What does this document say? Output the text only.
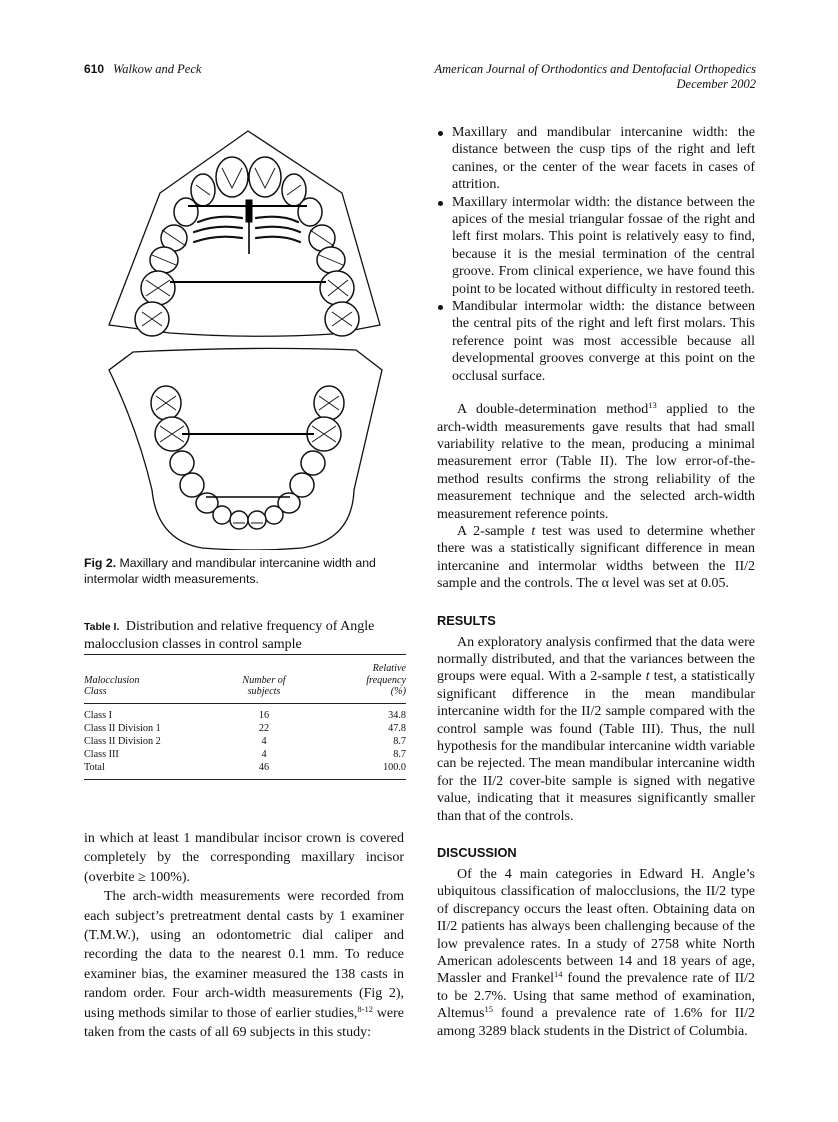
610 Walkow and Peck	American Journal of Orthodontics and Dentofacial Orthopedics
December 2002
Fig 2. Maxillary and mandibular intercanine width and intermolar width measurements.
Table I. Distribution and relative frequency of Angle malocclusion classes in control sample

Malocclusion
Class

Number of
subjects

Relative
frequency
(%)

Class I	16	34.8
Class II Division 1	22	47.8
Class II Division 2	4	8.7
Class III	4	8.7
Total	46	100.0

in which at least 1 mandibular incisor crown is covered completely by the corresponding maxillary incisor (overbite ≥ 100%).

The arch-width measurements were recorded from each subject’s pretreatment dental casts by 1 examiner (T.M.W.), using an odontometric dial caliper and recording the data to the nearest 0.1 mm. To reduce examiner bias, the examiner measured the 138 casts in random order. Four arch-width measurements (Fig 2), using methods similar to those of earlier studies,$^{8-12}$ were taken from the casts of all 69 subjects in this study:

Maxillary and mandibular intercanine width: the distance between the cusp tips of the right and left canines, or the center of the wear facets in cases of attrition.
Maxillary intermolar width: the distance between the apices of the mesial triangular fossae of the right and left first molars. This point is relatively easy to find, because it is the mesial termination of the central groove. From clinical experience, we have found this point to be located without difficulty in restored teeth.
Mandibular intermolar width: the distance between the central pits of the right and left first molars. This reference point was most accessible because all developmental grooves converge at this point on the occlusal surface.

A double-determination method$^{13}$ applied to the arch-width measurements gave results that had small variability relative to the mean, producing a minimal measurement error (Table II). The low error-of-the-method results confirms the strong reliability of the measurement technique and the selected arch-width measurement reference points.

A 2-sample t test was used to determine whether there was a statistically significant difference in mean intercanine and intermolar widths between the II/2 sample and the controls. The α level was set at 0.05.

RESULTS

An exploratory analysis confirmed that the data were normally distributed, and that the variances between the groups were equal. With a 2-sample t test, a statistically significant difference in the mean mandibular intercanine width for the II/2 sample compared with the control sample was found (Table III). Thus, the null hypothesis for the mandibular intercanine width variable can be rejected. The mean mandibular intercanine width for the II/2 cover-bite sample is signed with negative value, indicating that it measures significantly smaller than that of the controls.

DISCUSSION

Of the 4 main categories in Edward H. Angle’s ubiquitous classification of malocclusions, the II/2 type of discrepancy occurs the least often. Obtaining data on II/2 patients has always been challenging because of the low prevalence rates. In a study of 2758 white North American adolescents between 14 and 18 years of age, Massler and Frankel$^{14}$ found the prevalence rate of II/2 to be 2.7%. Using that same method of examination, Altemus$^{15}$ found a prevalence rate of 1.6% for II/2 among 3289 black students in the District of Columbia.
